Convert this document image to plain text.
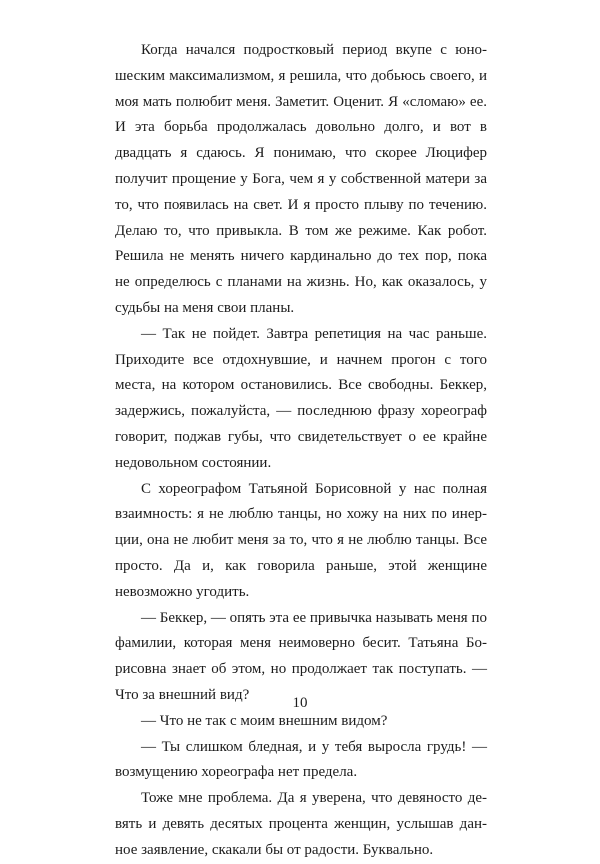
Когда начался подростковый период вкупе с юношеским максимализмом, я решила, что добьюсь своего, и моя мать полюбит меня. Заметит. Оценит. Я «сломаю» ее. И эта борьба продолжалась довольно долго, и вот в двадцать я сдаюсь. Я понимаю, что скорее Люцифер получит прощение у Бога, чем я у собственной матери за то, что появилась на свет. И я просто плыву по течению. Делаю то, что привыкла. В том же режиме. Как робот. Решила не менять ничего кардинально до тех пор, пока не определюсь с планами на жизнь. Но, как оказалось, у судьбы на меня свои планы.

— Так не пойдет. Завтра репетиция на час раньше. Приходите все отдохнувшие, и начнем прогон с того места, на котором остановились. Все свободны. Беккер, задержись, пожалуйста, — последнюю фразу хореограф говорит, поджав губы, что свидетельствует о ее крайне недовольном состоянии.

С хореографом Татьяной Борисовной у нас полная взаимность: я не люблю танцы, но хожу на них по инерции, она не любит меня за то, что я не люблю танцы. Все просто. Да и, как говорила раньше, этой женщине невозможно угодить.

— Беккер, — опять эта ее привычка называть меня по фамилии, которая меня неимоверно бесит. Татьяна Борисовна знает об этом, но продолжает так поступать. — Что за внешний вид?

— Что не так с моим внешним видом?

— Ты слишком бледная, и у тебя выросла грудь! — возмущению хореографа нет предела.

Тоже мне проблема. Да я уверена, что девяносто девять и девять десятых процента женщин, услышав данное заявление, скакали бы от радости. Буквально.

10
